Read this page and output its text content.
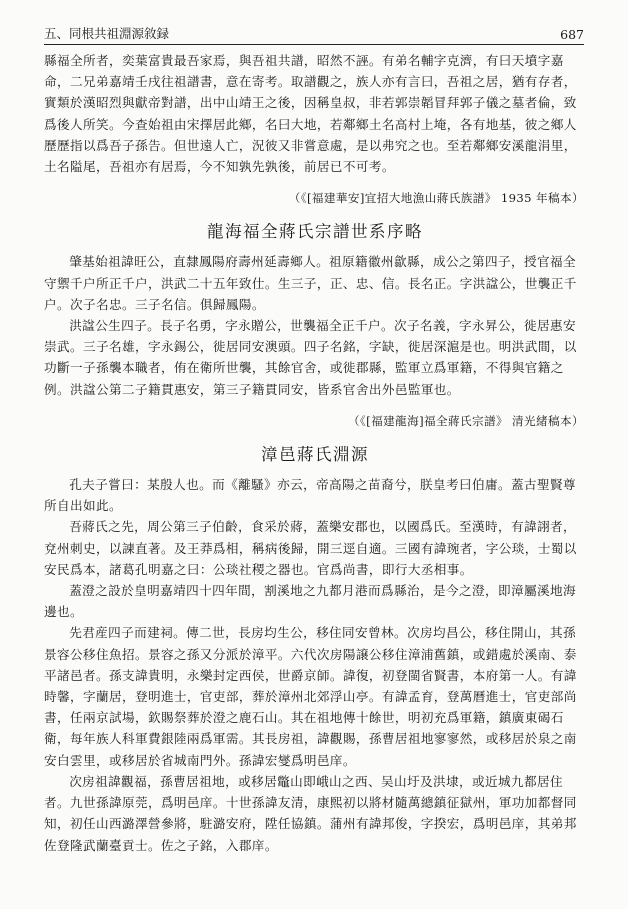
五、同根共祖淵源敘録	687

縣福全所者，奕葉富貴最吾家焉，與吾祖共譜，昭然不誣。有弟名輔字克濟，有曰天墳字嘉命，二兄弟嘉靖壬戌往祖譜書，意在寄考。取譜觀之，族人亦有言曰，吾祖之居，猶有存者，實類於漢昭烈與獻帝對譜，出中山靖王之後，因稱皇叔，非若郭崇韜冒拜郭子儀之墓者倫，致爲後人所笑。今查始祖由宋擇居此鄉，名曰大地，若鄰鄉土名高村上埯，各有地基，彼之鄉人歷歷指以爲吾子孫告。但世遠人亡，況彼又非嘗意處，是以弗究之也。至若鄰鄉安溪龍涓里，土名隘尾，吾祖亦有居焉，今不知孰先孰後，前居已不可考。

（《[福建華安]宜招大地漁山蔣氏族譜》 1935 年稿本）

龍海福全蔣氏宗譜世系序略

肇基始祖諱旺公，直隸鳳陽府壽州延壽鄉人。祖原籍徽州歙縣，成公之第四子，授官福全守禦千户所正千户，洪武二十五年致仕。生三子，正、忠、信。長名正。字洪諡公，世襲正千户。次子名忠。三子名信。俱歸鳳陽。

洪諡公生四子。長子名勇，字永贈公，世襲福全正千户。次子名義，字永昇公，徙居惠安崇武。三子名雄，字永錫公，徙居同安澳頭。四子名銘，字缺，徙居深滬是也。明洪武間，以功斷一子孫襲本職者，侑在衛所世襲，其餘官舍，或徙郡縣，監軍立爲軍籍，不得與官籍之例。洪諡公第二子籍貫惠安，第三子籍貫同安，皆系官舍出外邑監軍也。

（《[福建龍海]福全蔣氏宗譜》 清光緒稿本）

漳邑蔣氏淵源

孔夫子嘗曰：某殷人也。而《離騷》亦云，帝高陽之苗裔兮，朕皇考曰伯庸。蓋古聖賢尊所自出如此。

吾蔣氏之先，周公第三子伯齡，食采於蔣，蓋樂安郡也，以國爲氏。至漢時，有諱詡者，兗州刺史，以諫直著。及王莽爲相，稱病後歸，開三逕自適。三國有諱琬者，字公琰，士蜀以安民爲本，諸葛孔明嘉之曰：公琰社稷之器也。官爲尚書，即行大丞相事。

蓋澄之設於皇明嘉靖四十四年間，割溪地之九都月港而爲縣治，是今之澄，即漳屬溪地海邊也。

先君産四子而建祠。傳二世，長房均生公，移住同安曾林。次房均昌公，移住開山，其孫景容公移住魚招。景容之孫又分派於漳平。六代次房陽譲公移住漳浦舊鎮，或錯處於溪南、泰平諸邑者。孫支諱貴明，永樂封定西侯，世爵京師。諱復，初登閩省賢書，本府第一人。有諱時馨，字蘭居，登明進士，官吏部，葬於漳州北郊浮山亭。有諱孟育，登萬曆進士，官吏部尚書，任兩京試場，欽賜祭葬於澄之鹿石山。其在祖地傳十餘世，明初充爲軍籍，鎮廣東碣石衛，每年族人科軍費銀陸兩爲軍需。其長房祖，諱觀賜，孫曹居祖地寥寥然，或移居於泉之南安白雲里，或移居於省城南門外。孫諱宏燮爲明邑庠。

次房祖諱觀福，孫曹居祖地，或移居鼈山即峨山之西、吴山圩及洪埭，或近城九都居住者。九世孫諱原莞，爲明邑庠。十世孫諱友清，康熙初以將材隨萬總鎮征獄州，軍功加都督同知，初任山西潞澤營參將，駐潞安府，陞任協鎮。蒲州有諱邦俊，字揆宏，爲明邑庠，其弟邦佐登隆武蘭臺貢士。佐之子銘，入郡庠。
